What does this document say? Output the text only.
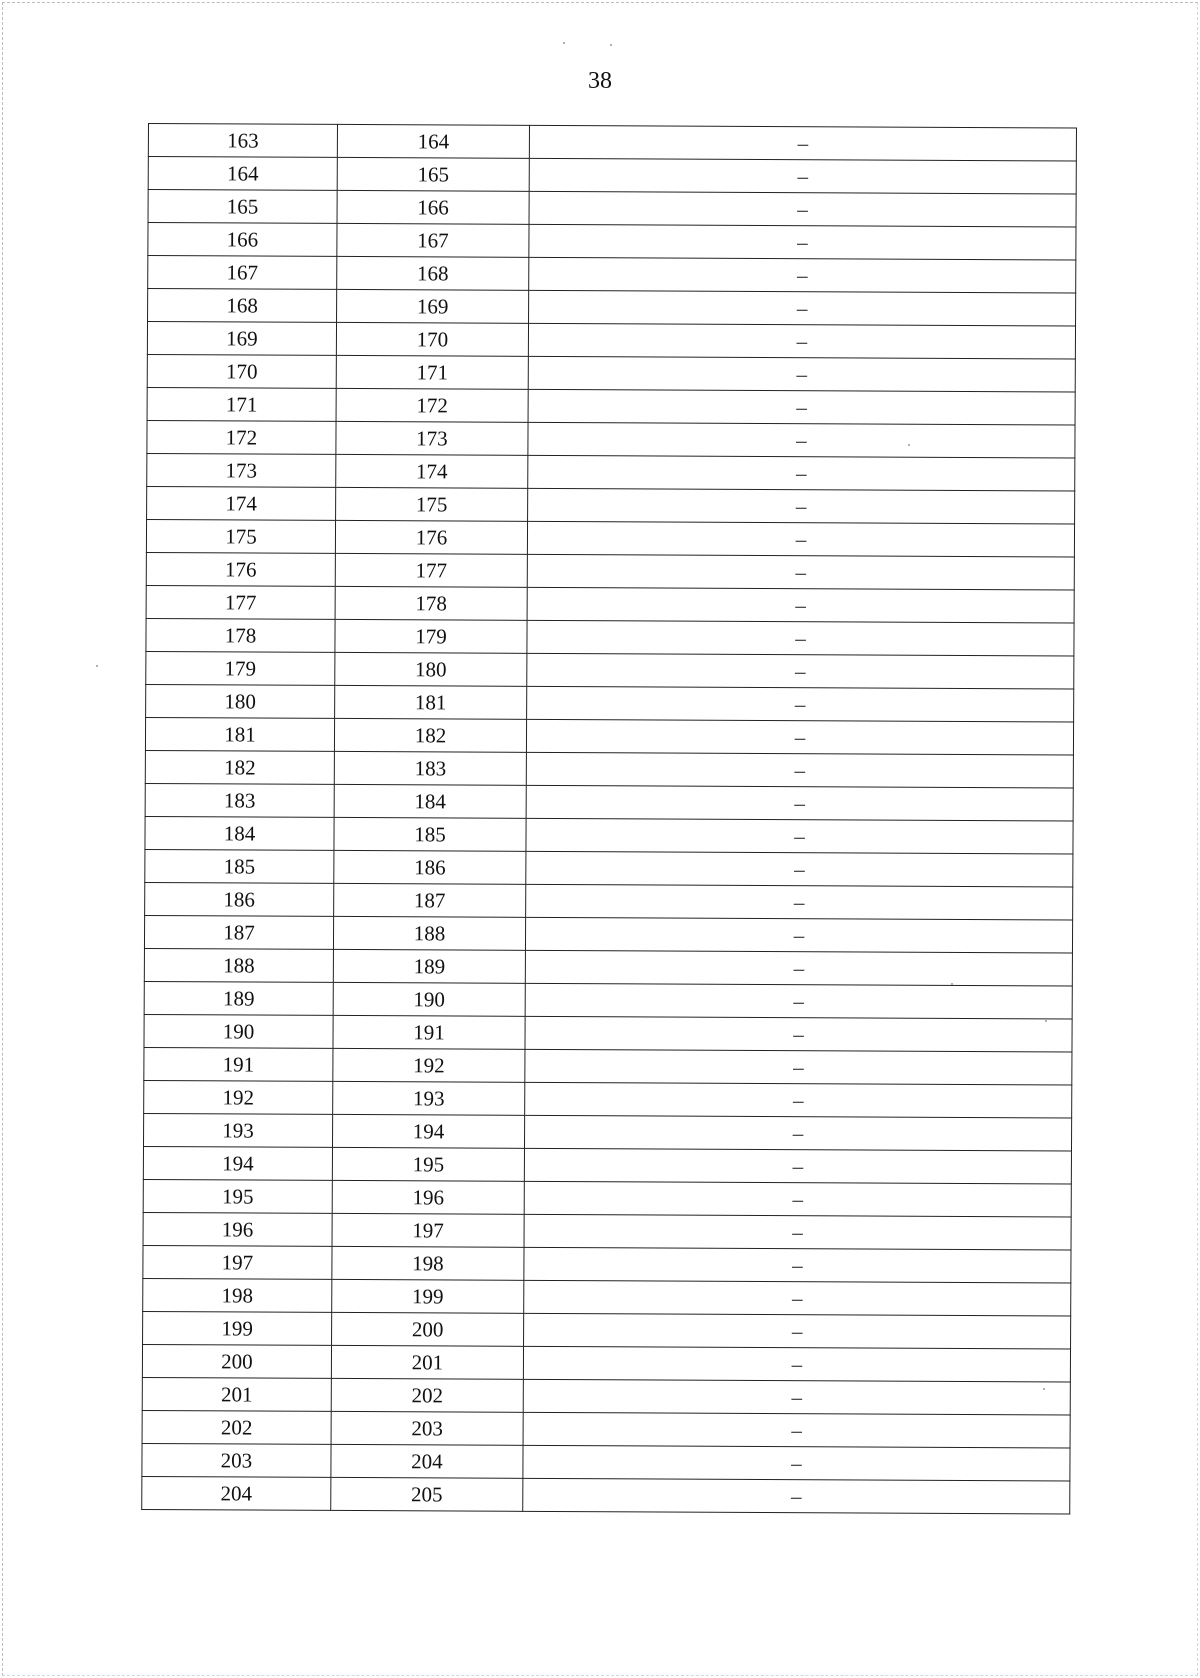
38
163	164	–
164	165	–
165	166	–
166	167	–
167	168	–
168	169	–
169	170	–
170	171	–
171	172	–
172	173	–
173	174	–
174	175	–
175	176	–
176	177	–
177	178	–
178	179	–
179	180	–
180	181	–
181	182	–
182	183	–
183	184	–
184	185	–
185	186	–
186	187	–
187	188	–
188	189	–
189	190	–
190	191	–
191	192	–
192	193	–
193	194	–
194	195	–
195	196	–
196	197	–
197	198	–
198	199	–
199	200	–
200	201	–
201	202	–
202	203	–
203	204	–
204	205	–
